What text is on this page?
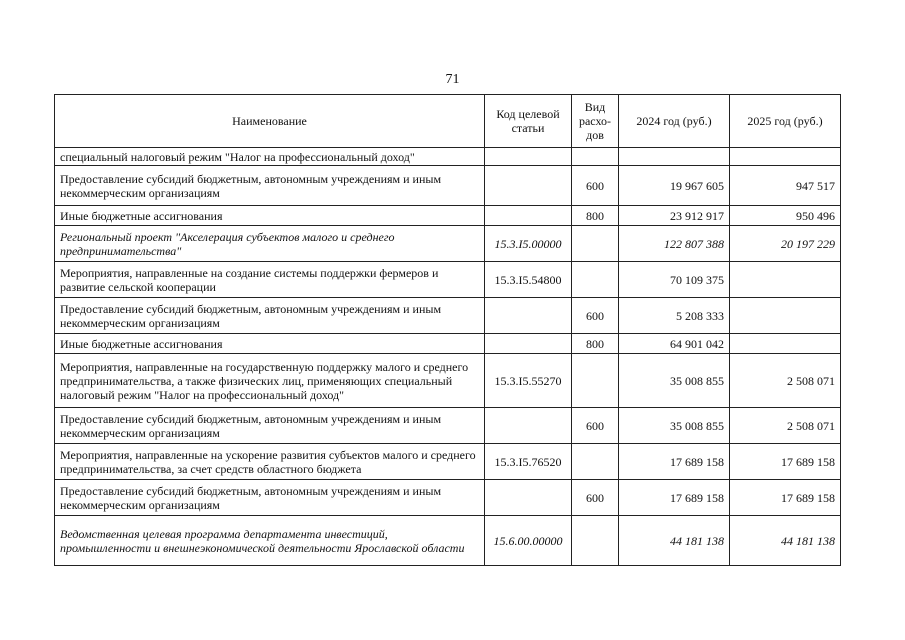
71
Наименование	Код целевой статьи	Вид расхо-дов	2024 год (руб.)	2025 год (руб.)
специальный налоговый режим "Налог на профессиональный доход"				
Предоставление субсидий бюджетным, автономным учреждениям и иным некоммерческим организациям		600	19 967 605	947 517
Иные бюджетные ассигнования		800	23 912 917	950 496
Региональный проект "Акселерация субъектов малого и среднего предпринимательства"	15.3.I5.00000		122 807 388	20 197 229
Мероприятия, направленные на создание системы поддержки фермеров и развитие сельской кооперации	15.3.I5.54800		70 109 375	
Предоставление субсидий бюджетным, автономным учреждениям и иным некоммерческим организациям		600	5 208 333	
Иные бюджетные ассигнования		800	64 901 042	
Мероприятия, направленные на государственную поддержку малого и среднего предпринимательства, а также физических лиц, применяющих специальный налоговый режим "Налог на профессиональный доход"	15.3.I5.55270		35 008 855	2 508 071
Предоставление субсидий бюджетным, автономным учреждениям и иным некоммерческим организациям		600	35 008 855	2 508 071
Мероприятия, направленные на ускорение развития субъектов малого и среднего предпринимательства, за счет средств областного бюджета	15.3.I5.76520		17 689 158	17 689 158
Предоставление субсидий бюджетным, автономным учреждениям и иным некоммерческим организациям		600	17 689 158	17 689 158
Ведомственная целевая программа департамента инвестиций, промышленности и внешнеэкономической деятельности Ярославской области	15.6.00.00000		44 181 138	44 181 138
